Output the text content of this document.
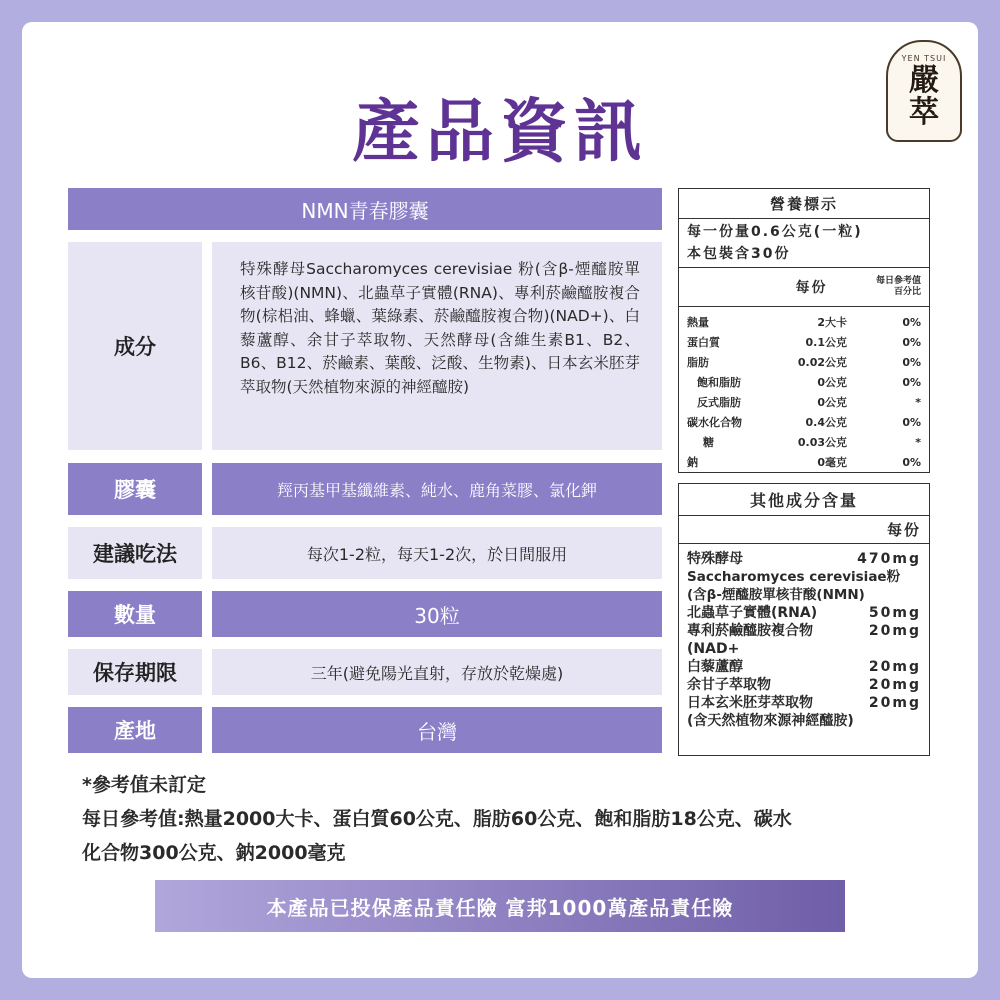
產品資訊
YEN TSUI
嚴
萃
NMN青春膠囊
成分
特殊酵母Saccharomyces cerevisiae 粉(含β-煙醯胺單核苷酸)(NMN)、北蟲草子實體(RNA)、專利菸鹼醯胺複合物(棕梠油、蜂蠟、葉綠素、菸鹼醯胺複合物)(NAD+)、白藜蘆醇、余甘子萃取物、天然酵母(含維生素B1、B2、B6、B12、菸鹼素、葉酸、泛酸、生物素)、日本玄米胚芽萃取物(天然植物來源的神經醯胺)
膠囊	羥丙基甲基纖維素、純水、鹿角菜膠、氯化鉀
建議吃法	每次1-2粒，每天1-2次，於日間服用
數量	30粒
保存期限	三年(避免陽光直射，存放於乾燥處)
產地	台灣
營養標示
每一份量0.6公克(一粒)
本包裝含30份
每份	每日參考值
百分比
熱量	2大卡	0%
蛋白質	0.1公克	0%
脂肪	0.02公克	0%
飽和脂肪	0公克	0%
反式脂肪	0公克	*
碳水化合物	0.4公克	0%
糖	0.03公克	*
鈉	0毫克	0%
其他成分含量
每份
特殊酵母	470mg
Saccharomyces cerevisiae粉
(含β-煙醯胺單核苷酸(NMN)
北蟲草子實體(RNA)	50mg
專利菸鹼醯胺複合物	20mg
(NAD+
白藜蘆醇	20mg
余甘子萃取物	20mg
日本玄米胚芽萃取物	20mg
(含天然植物來源神經醯胺)
*參考值未訂定
每日參考值:熱量2000大卡、蛋白質60公克、脂肪60公克、飽和脂肪18公克、碳水
化合物300公克、鈉2000毫克
本產品已投保產品責任險 富邦1000萬產品責任險
